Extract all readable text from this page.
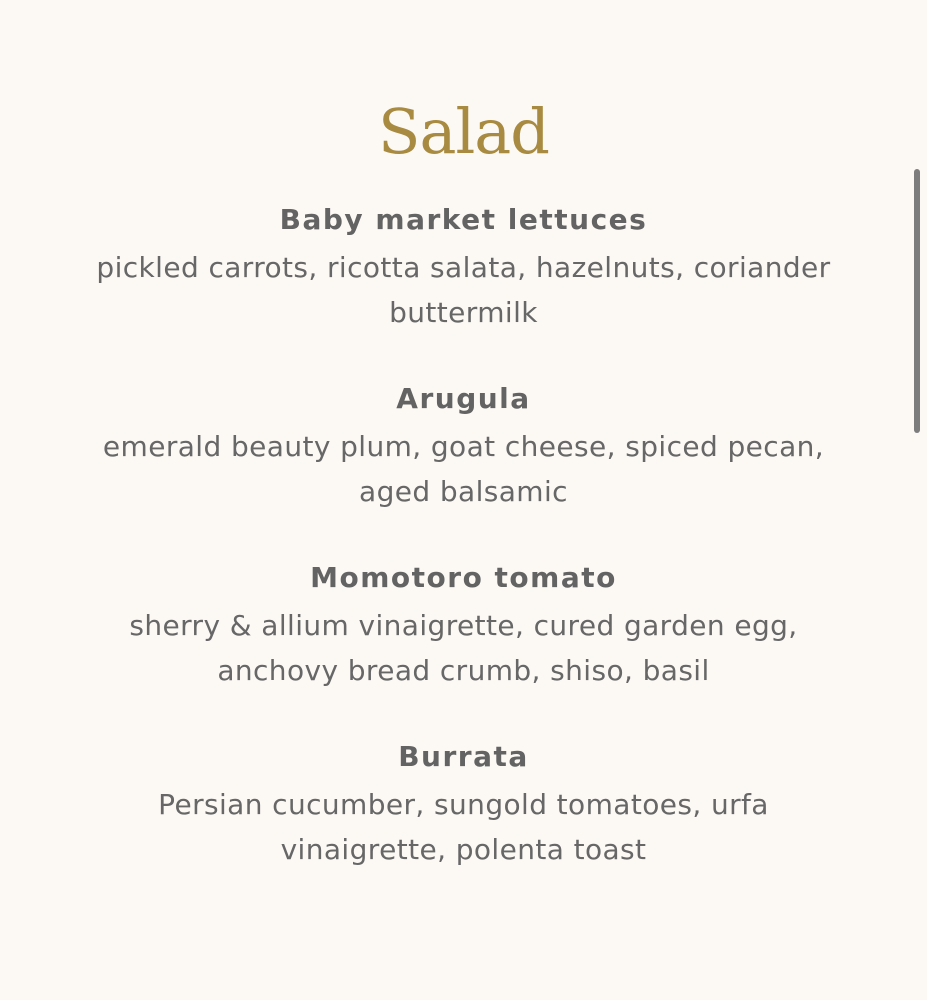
Salad
Baby market lettuces
pickled carrots, ricotta salata, hazelnuts, coriander buttermilk
Arugula
emerald beauty plum, goat cheese, spiced pecan, aged balsamic
Momotoro tomato
sherry & allium vinaigrette, cured garden egg, anchovy bread crumb, shiso, basil
Burrata
Persian cucumber, sungold tomatoes, urfa vinaigrette, polenta toast
